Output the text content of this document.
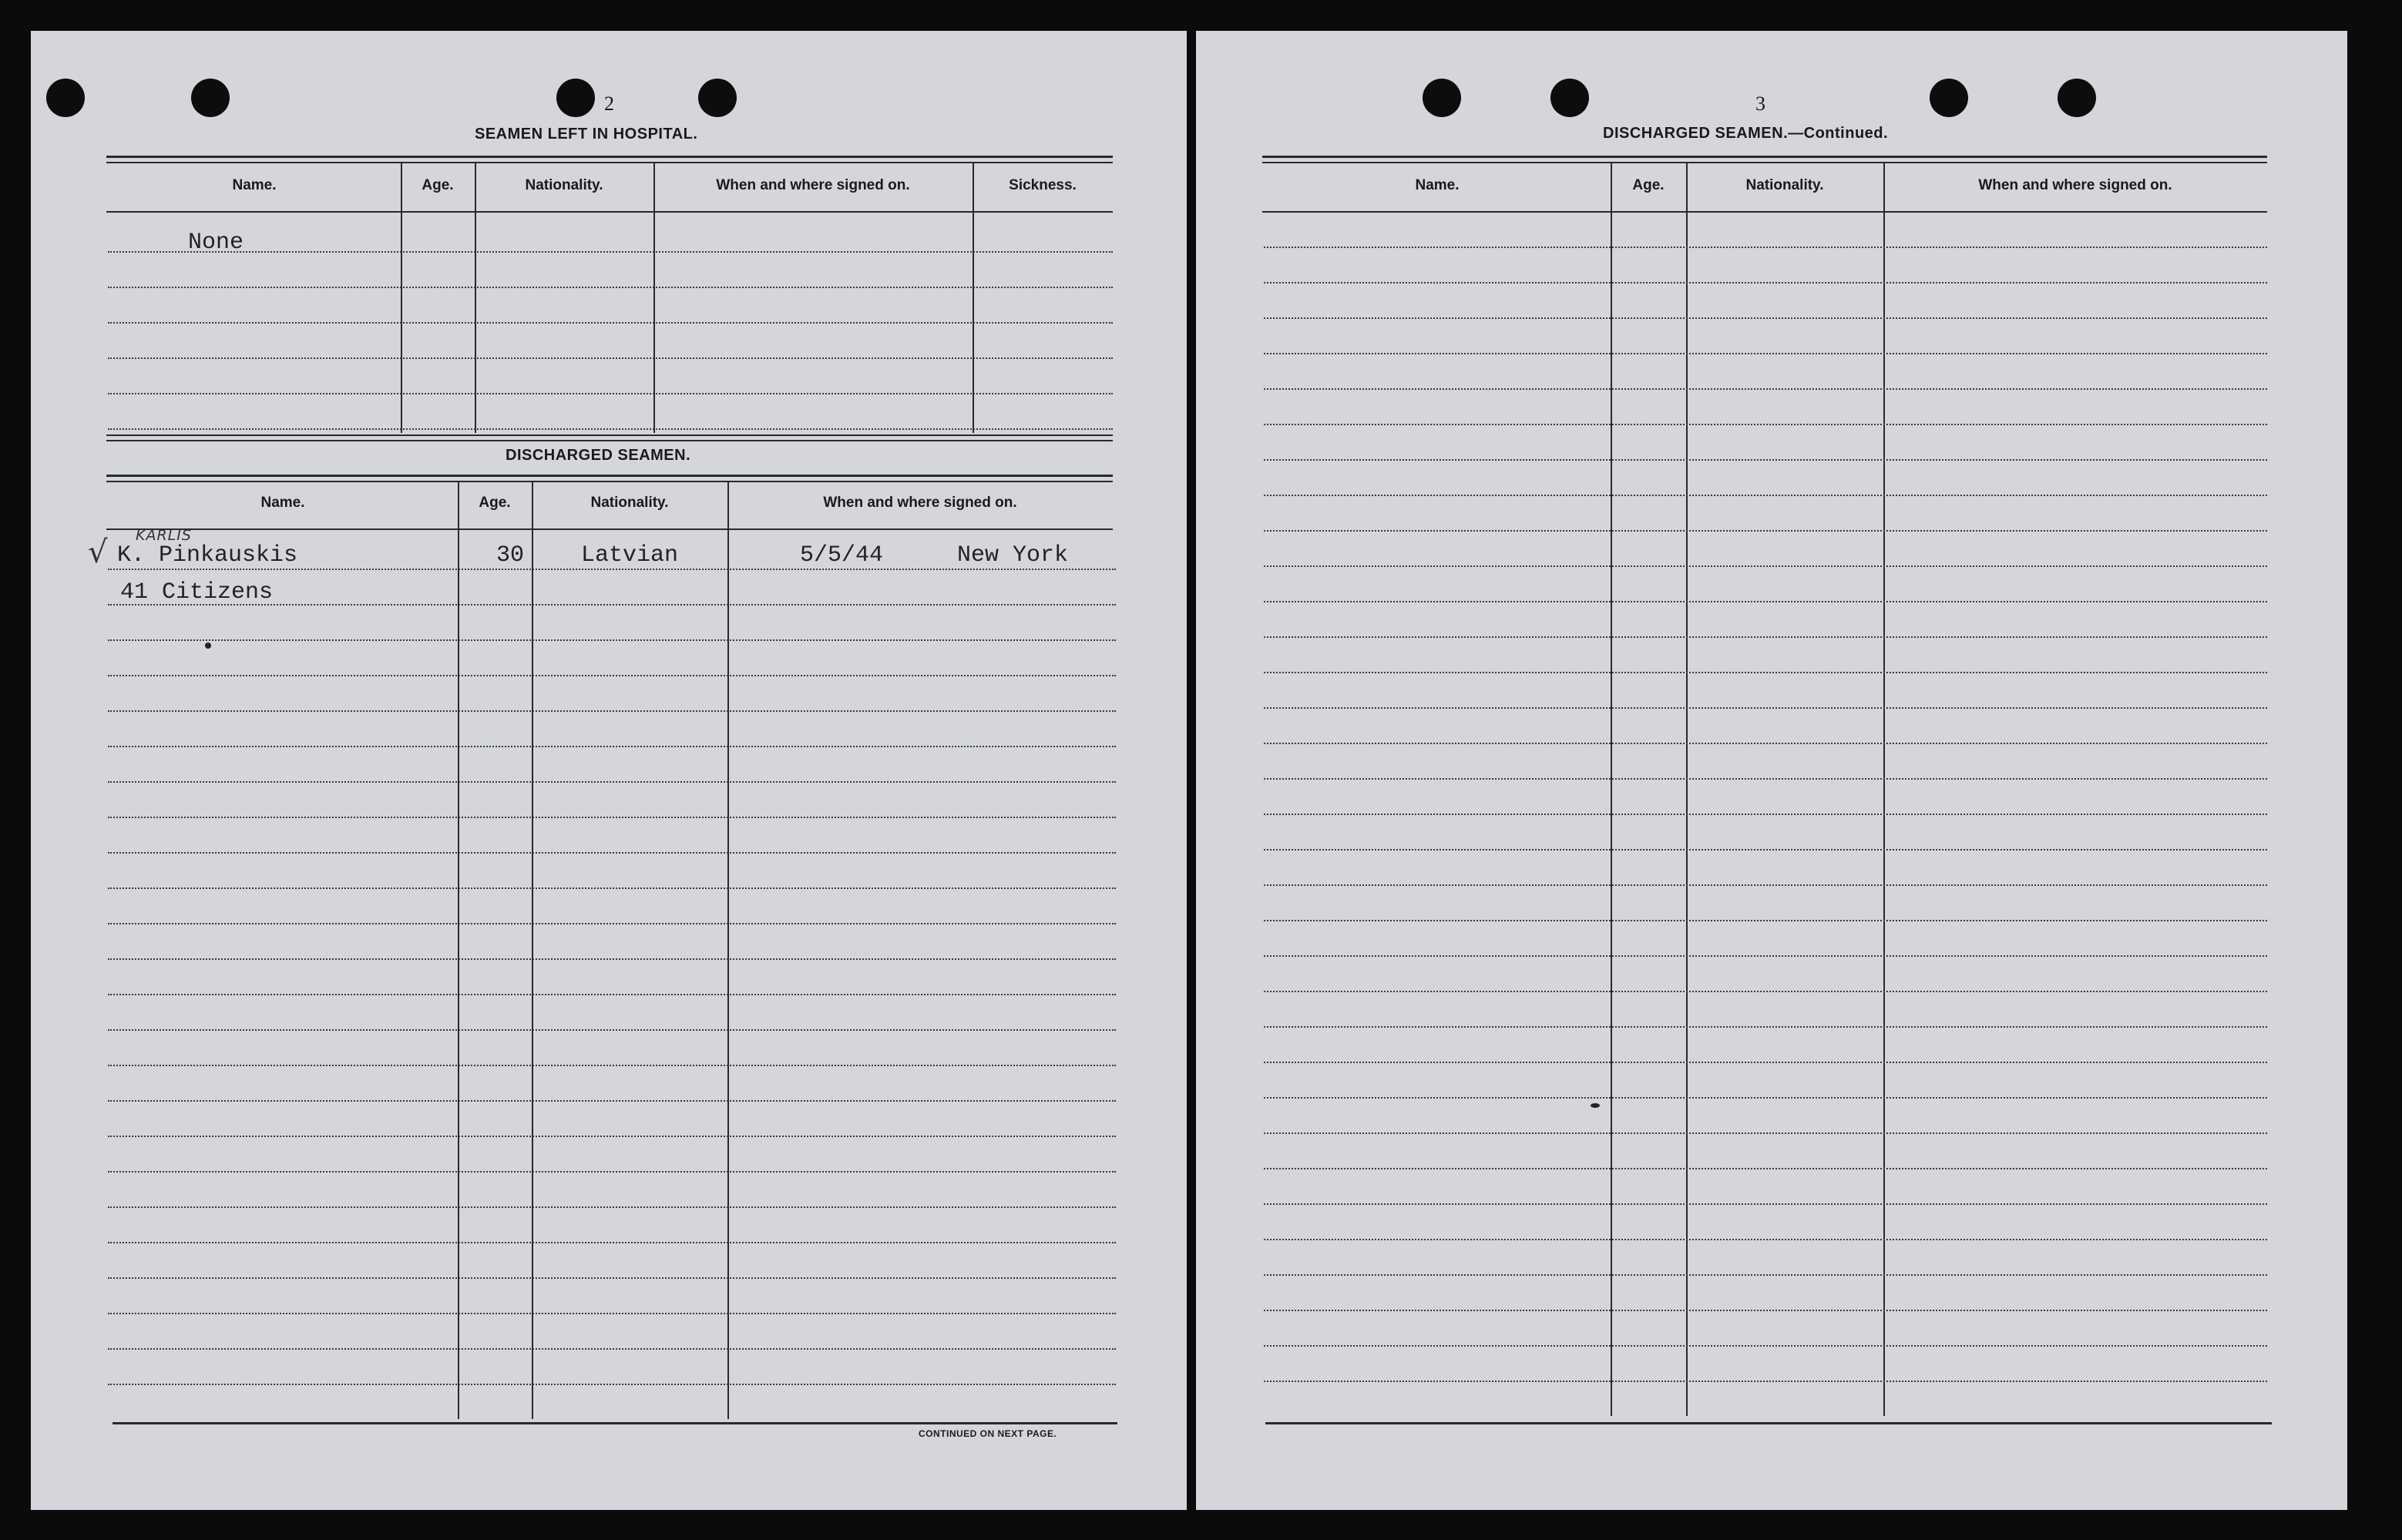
2
SEAMEN LEFT IN HOSPITAL.
Name.	Age.	Nationality.	When and where signed on.	Sickness.
None
DISCHARGED SEAMEN.
Name.	Age.	Nationality.	When and where signed on.
KARLIS
√ K. Pinkauskis	30 Latvian	5/5/44	New York
41 Citizens
CONTINUED ON NEXT PAGE.
3
DISCHARGED SEAMEN.—Continued.
Name.	Age.	Nationality.	When and where signed on.
